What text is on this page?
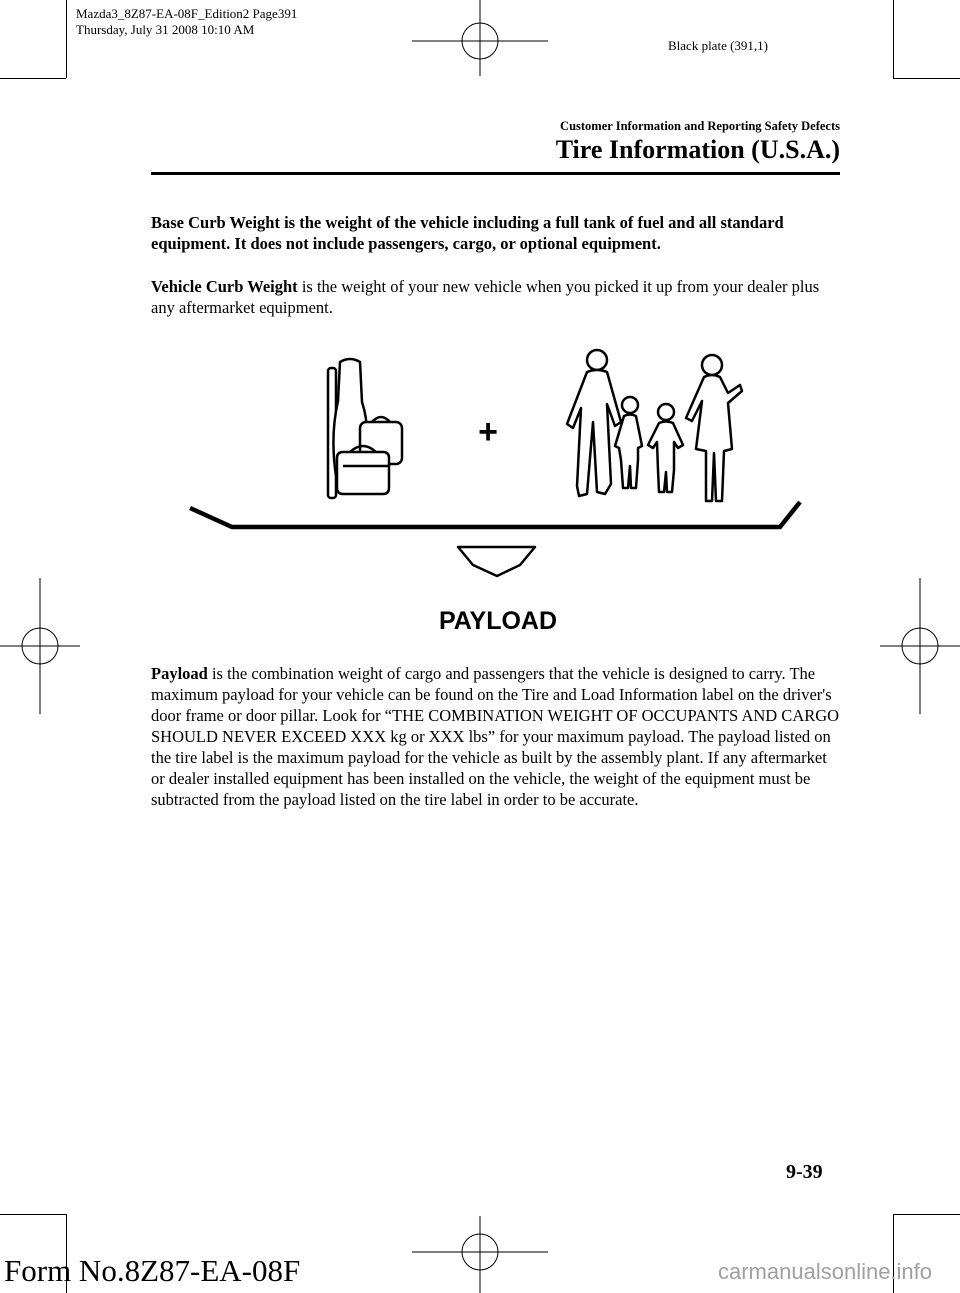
Mazda3_8Z87-EA-08F_Edition2 Page391
Thursday, July 31 2008 10:10 AM
Black plate (391,1)
Customer Information and Reporting Safety Defects
Tire Information (U.S.A.)
Base Curb Weight is the weight of the vehicle including a full tank of fuel and all standard equipment. It does not include passengers, cargo, or optional equipment.
Vehicle Curb Weight is the weight of your new vehicle when you picked it up from your dealer plus any aftermarket equipment.
+
PAYLOAD
Payload is the combination weight of cargo and passengers that the vehicle is designed to carry. The maximum payload for your vehicle can be found on the Tire and Load Information label on the driver's door frame or door pillar. Look for “THE COMBINATION WEIGHT OF OCCUPANTS AND CARGO SHOULD NEVER EXCEED XXX kg or XXX lbs” for your maximum payload. The payload listed on the tire label is the maximum payload for the vehicle as built by the assembly plant. If any aftermarket or dealer installed equipment has been installed on the vehicle, the weight of the equipment must be subtracted from the payload listed on the tire label in order to be accurate.
9-39
Form No.8Z87-EA-08F	carmanualsonline.info
